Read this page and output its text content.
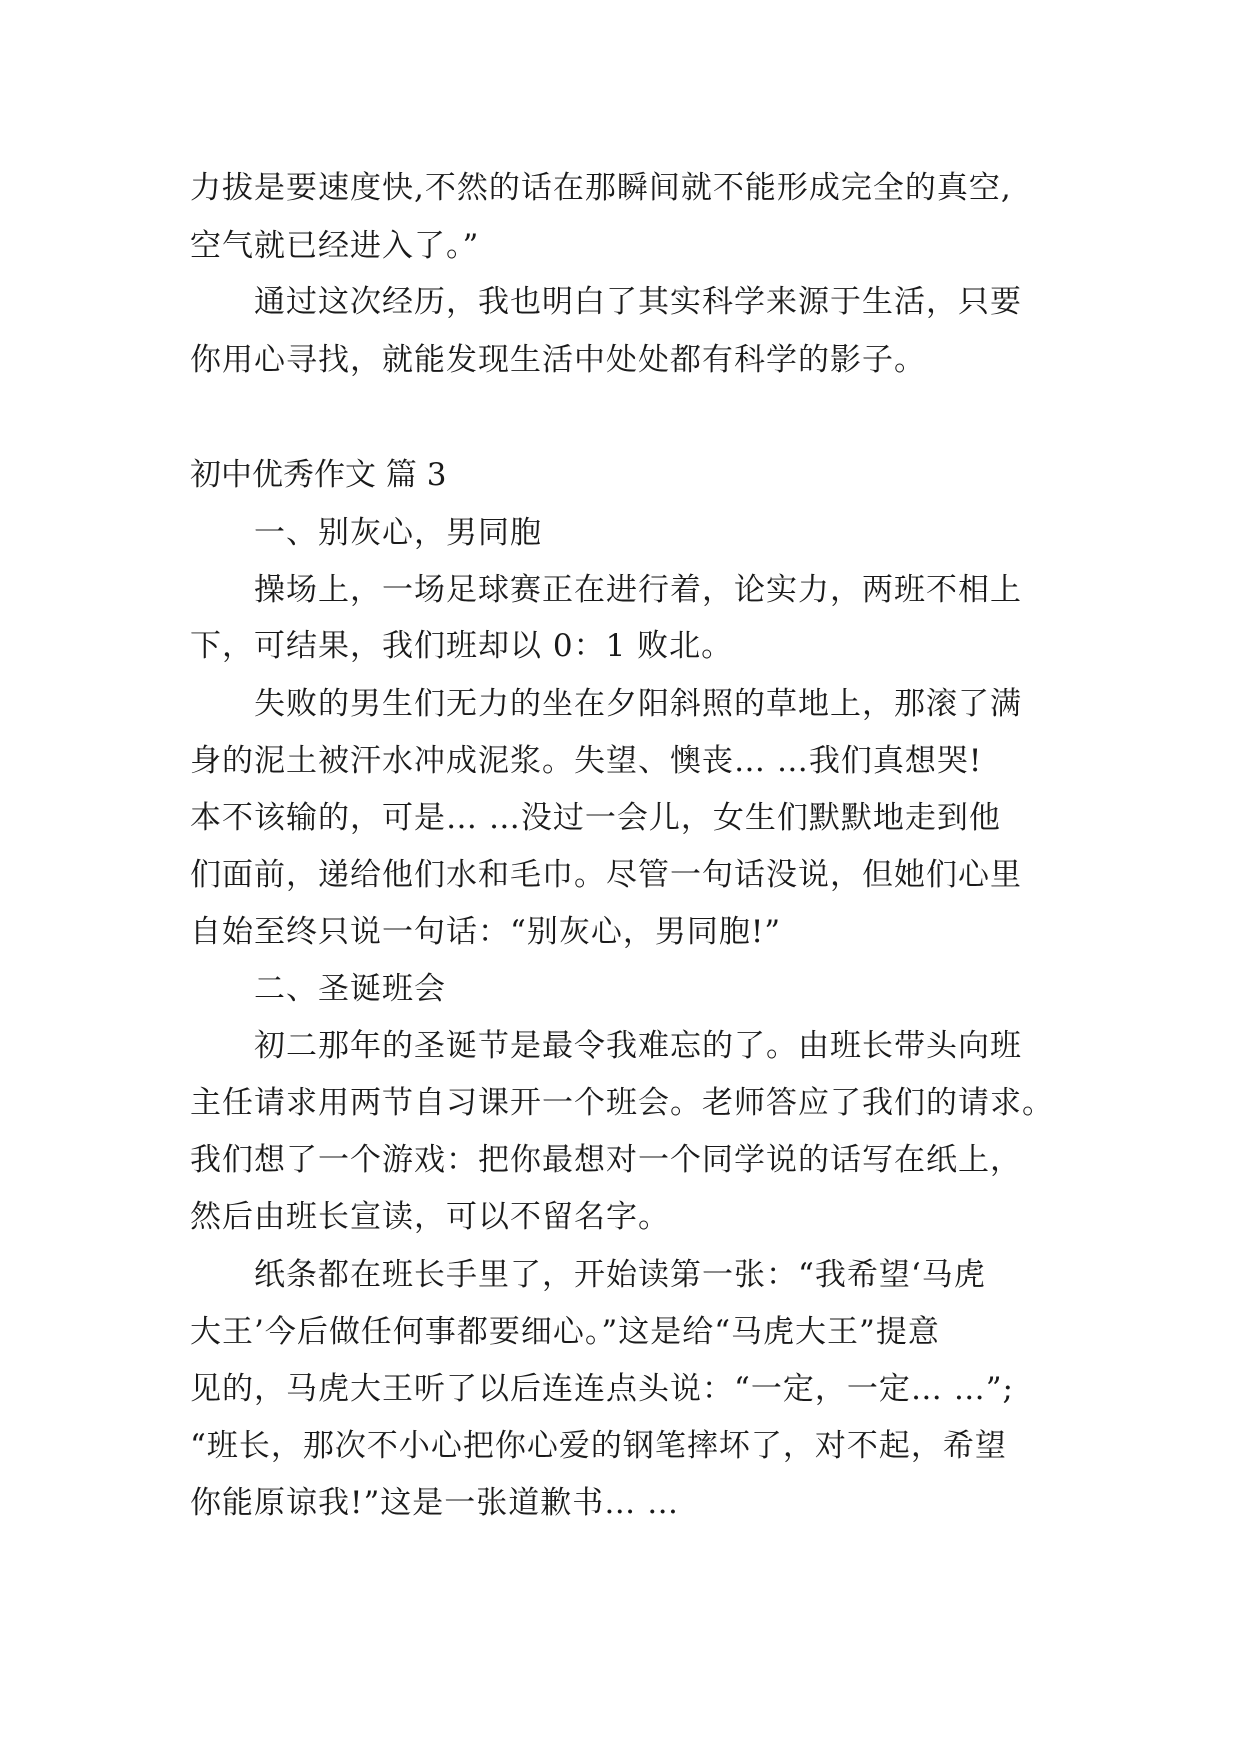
力拔是要速度快,不然的话在那瞬间就不能形成完全的真空,
空气就已经进入了。”
通过这次经历，我也明白了其实科学来源于生活，只要
你用心寻找，就能发现生活中处处都有科学的影子。
初中优秀作文 篇 3
一、别灰心，男同胞
操场上，一场足球赛正在进行着，论实力，两班不相上
下，可结果，我们班却以 0：1 败北。
失败的男生们无力的坐在夕阳斜照的草地上，那滚了满
身的泥土被汗水冲成泥浆。失望、懊丧… …我们真想哭!
本不该输的，可是… …没过一会儿，女生们默默地走到他
们面前，递给他们水和毛巾。尽管一句话没说，但她们心里
自始至终只说一句话：“别灰心，男同胞!”
二、圣诞班会
初二那年的圣诞节是最令我难忘的了。由班长带头向班
主任请求用两节自习课开一个班会。老师答应了我们的请求。
我们想了一个游戏：把你最想对一个同学说的话写在纸上，
然后由班长宣读，可以不留名字。
纸条都在班长手里了，开始读第一张：“我希望‘马虎
大王’今后做任何事都要细心。”这是给“马虎大王”提意
见的，马虎大王听了以后连连点头说：“一定，一定… …”;
“班长，那次不小心把你心爱的钢笔摔坏了，对不起，希望
你能原谅我!”这是一张道歉书… …
